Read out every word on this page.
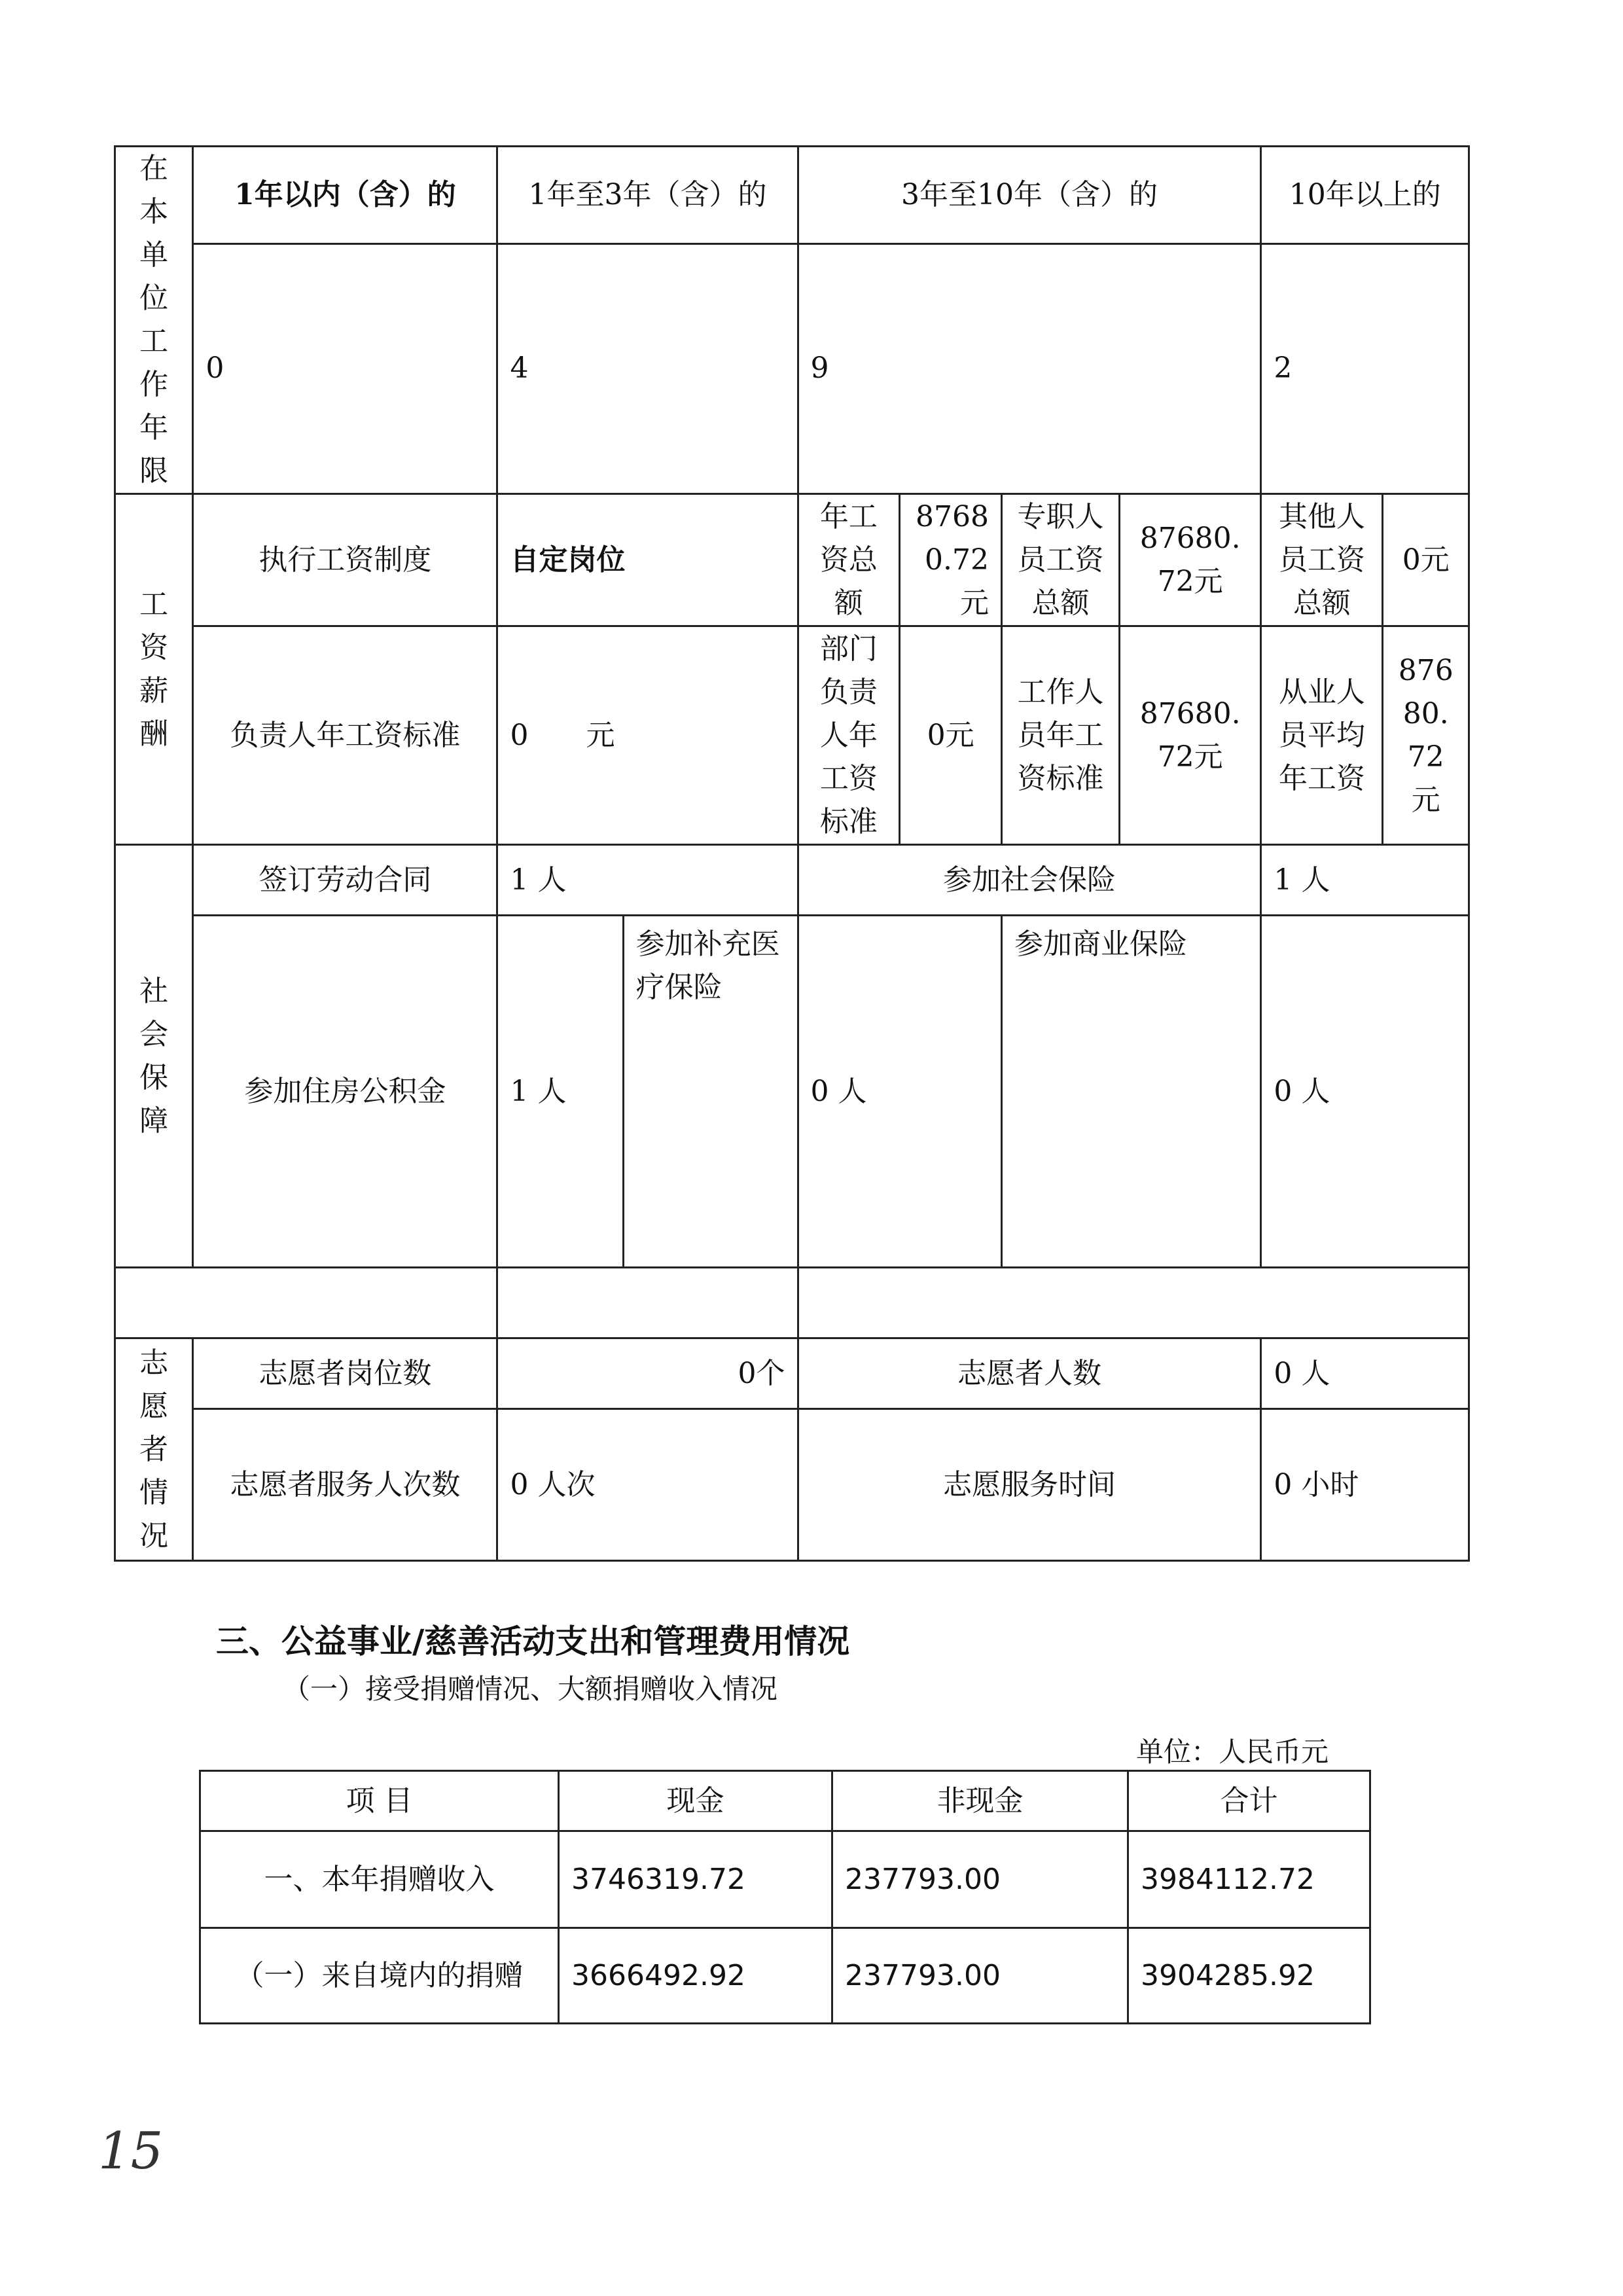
在本单位工作年限	1年以内（含）的	1年至3年（含）的		3年至10年（含）的				10年以上的	
	0	4		9				2	

工资薪酬	执行工资制度	自定岗位		年工资总额	87680.72元	专职人员工资总额	87680.72元	其他人员工资总额	0元
	负责人年工资标准	0　　元		部门负责人年工资标准	0元	工作人员年工资标准	87680.72元	从业人员平均年工资	87680.72元

社会保障	签订劳动合同	1 人		参加社会保险				1 人	
	参加住房公积金	1 人	参加补充医疗保险	0 人		参加商业保险		0 人	

志愿者情况	志愿者岗位数	0个		志愿者人数				0 人	
	志愿者服务人次数	0 人次		志愿服务时间				0 小时	
三、公益事业/慈善活动支出和管理费用情况
（一）接受捐赠情况、大额捐赠收入情况
单位：人民币元
项 目	现金	非现金	合计
一、本年捐赠收入	3746319.72	237793.00	3984112.72
（一）来自境内的捐赠	3666492.92	237793.00	3904285.92
15
